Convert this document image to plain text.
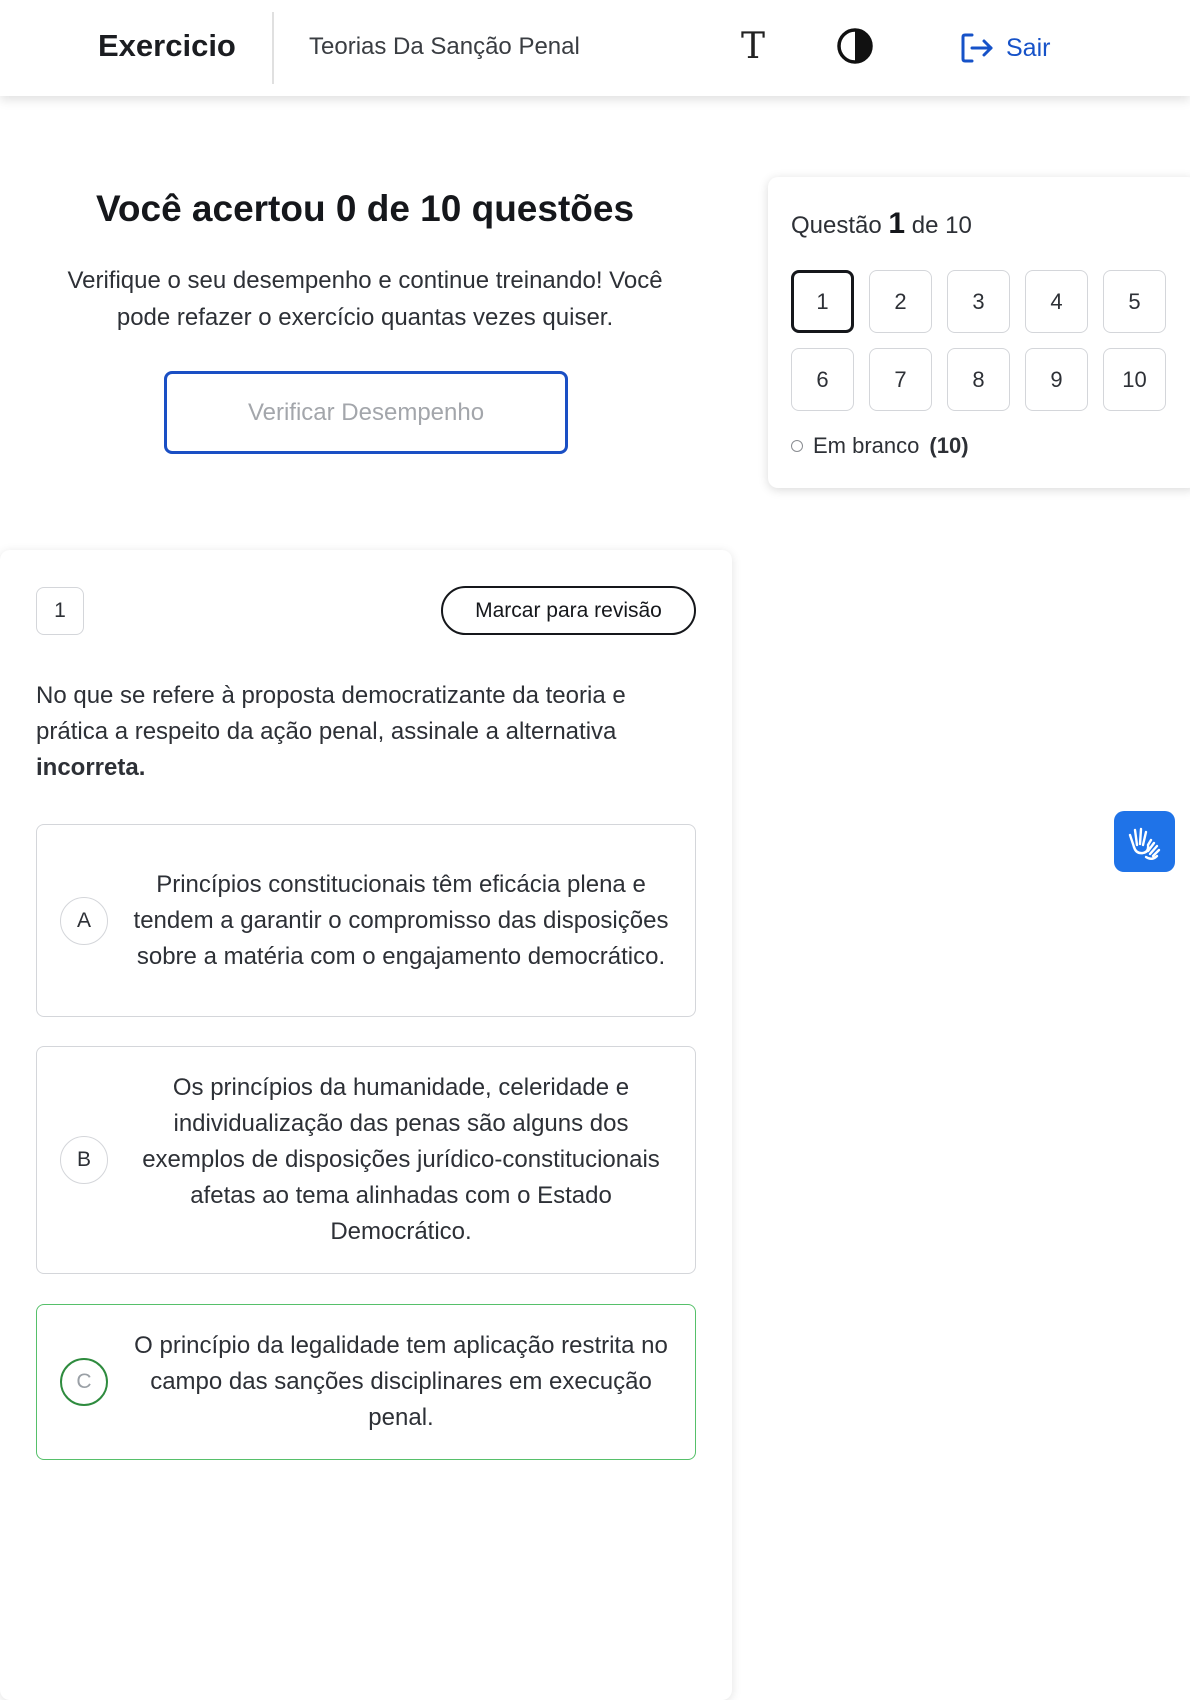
Exercicio	Teorias Da Sanção Penal	T	Sair
Você acertou 0 de 10 questões
Verifique o seu desempenho e continue treinando! Você pode refazer o exercício quantas vezes quiser.
Verificar Desempenho
Questão 1 de 10
1	2	3	4	5
6	7	8	9	10
Em branco (10)
1	Marcar para revisão
No que se refere à proposta democratizante da teoria e prática a respeito da ação penal, assinale a alternativa
incorreta.
A
Princípios constitucionais têm eficácia plena e tendem a garantir o compromisso das disposições sobre a matéria com o engajamento democrático.
B
Os princípios da humanidade, celeridade e individualização das penas são alguns dos exemplos de disposições jurídico-constitucionais afetas ao tema alinhadas com o Estado Democrático.
C
O princípio da legalidade tem aplicação restrita no campo das sanções disciplinares em execução penal.
